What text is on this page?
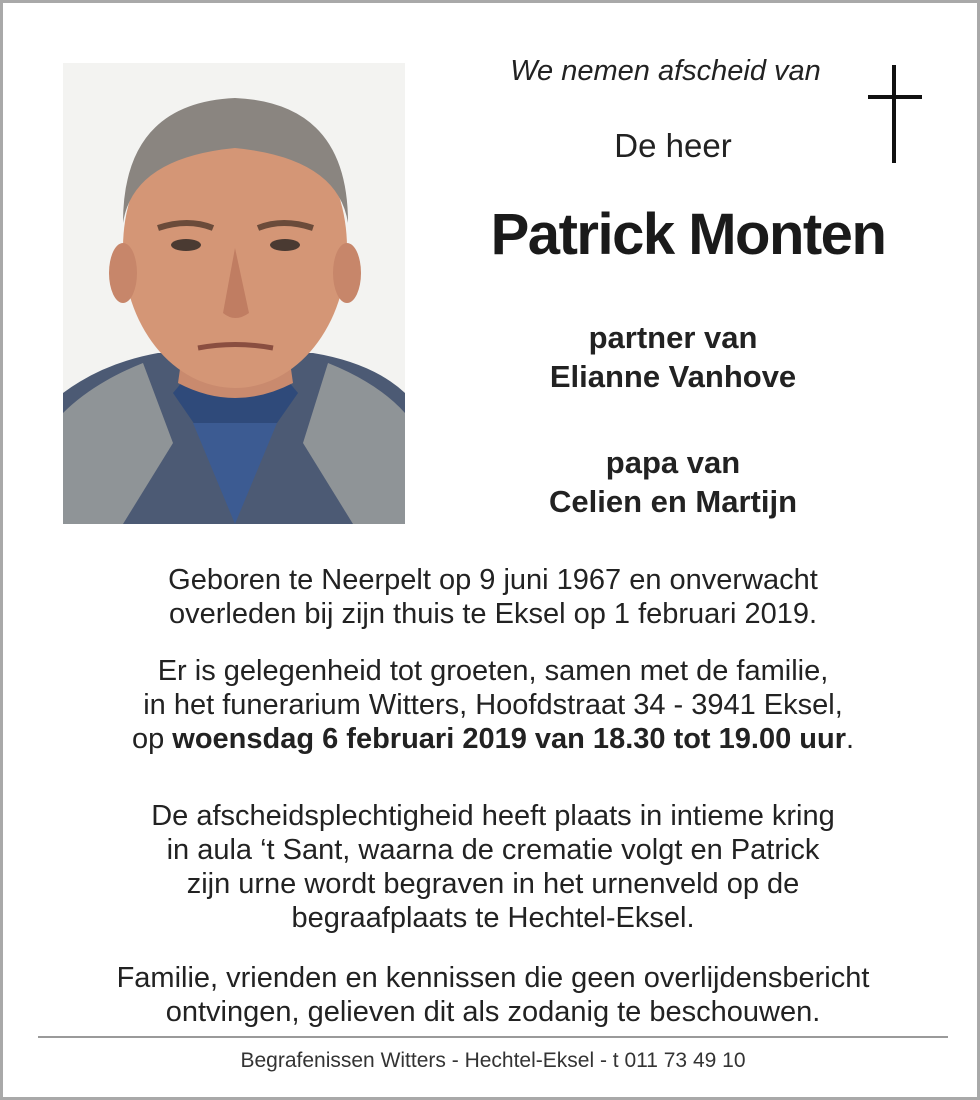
We nemen afscheid van
De heer
Patrick Monten
partner van
Elianne Vanhove
papa van
Celien en Martijn
Geboren te Neerpelt op 9 juni 1967 en onverwacht
overleden bij zijn thuis te Eksel op 1 februari 2019.
Er is gelegenheid tot groeten, samen met de familie,
in het funerarium Witters, Hoofdstraat 34 - 3941 Eksel,
op woensdag 6 februari 2019 van 18.30 tot 19.00 uur.
De afscheidsplechtigheid heeft plaats in intieme kring
in aula ‘t Sant, waarna de crematie volgt en Patrick
zijn urne wordt begraven in het urnenveld op de
begraafplaats te Hechtel-Eksel.
Familie, vrienden en kennissen die geen overlijdensbericht
ontvingen, gelieven dit als zodanig te beschouwen.
Begrafenissen Witters - Hechtel-Eksel - t 011 73 49 10
